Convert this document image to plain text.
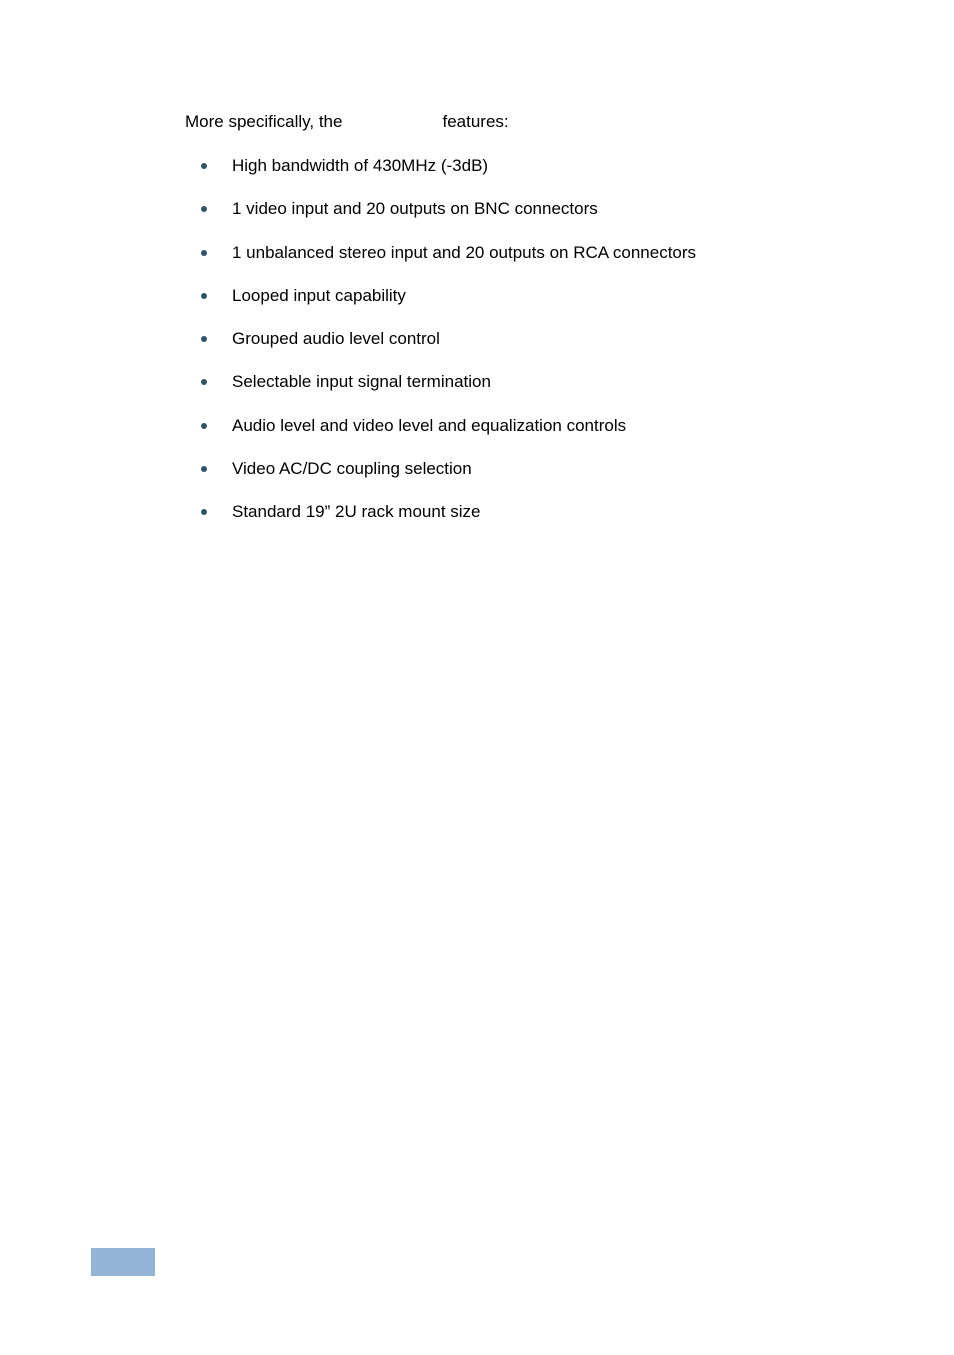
More specifically, the	features:
High bandwidth of 430MHz (-3dB)
1 video input and 20 outputs on BNC connectors
1 unbalanced stereo input and 20 outputs on RCA connectors
Looped input capability
Grouped audio level control
Selectable input signal termination
Audio level and video level and equalization controls
Video AC/DC coupling selection
Standard 19” 2U rack mount size
